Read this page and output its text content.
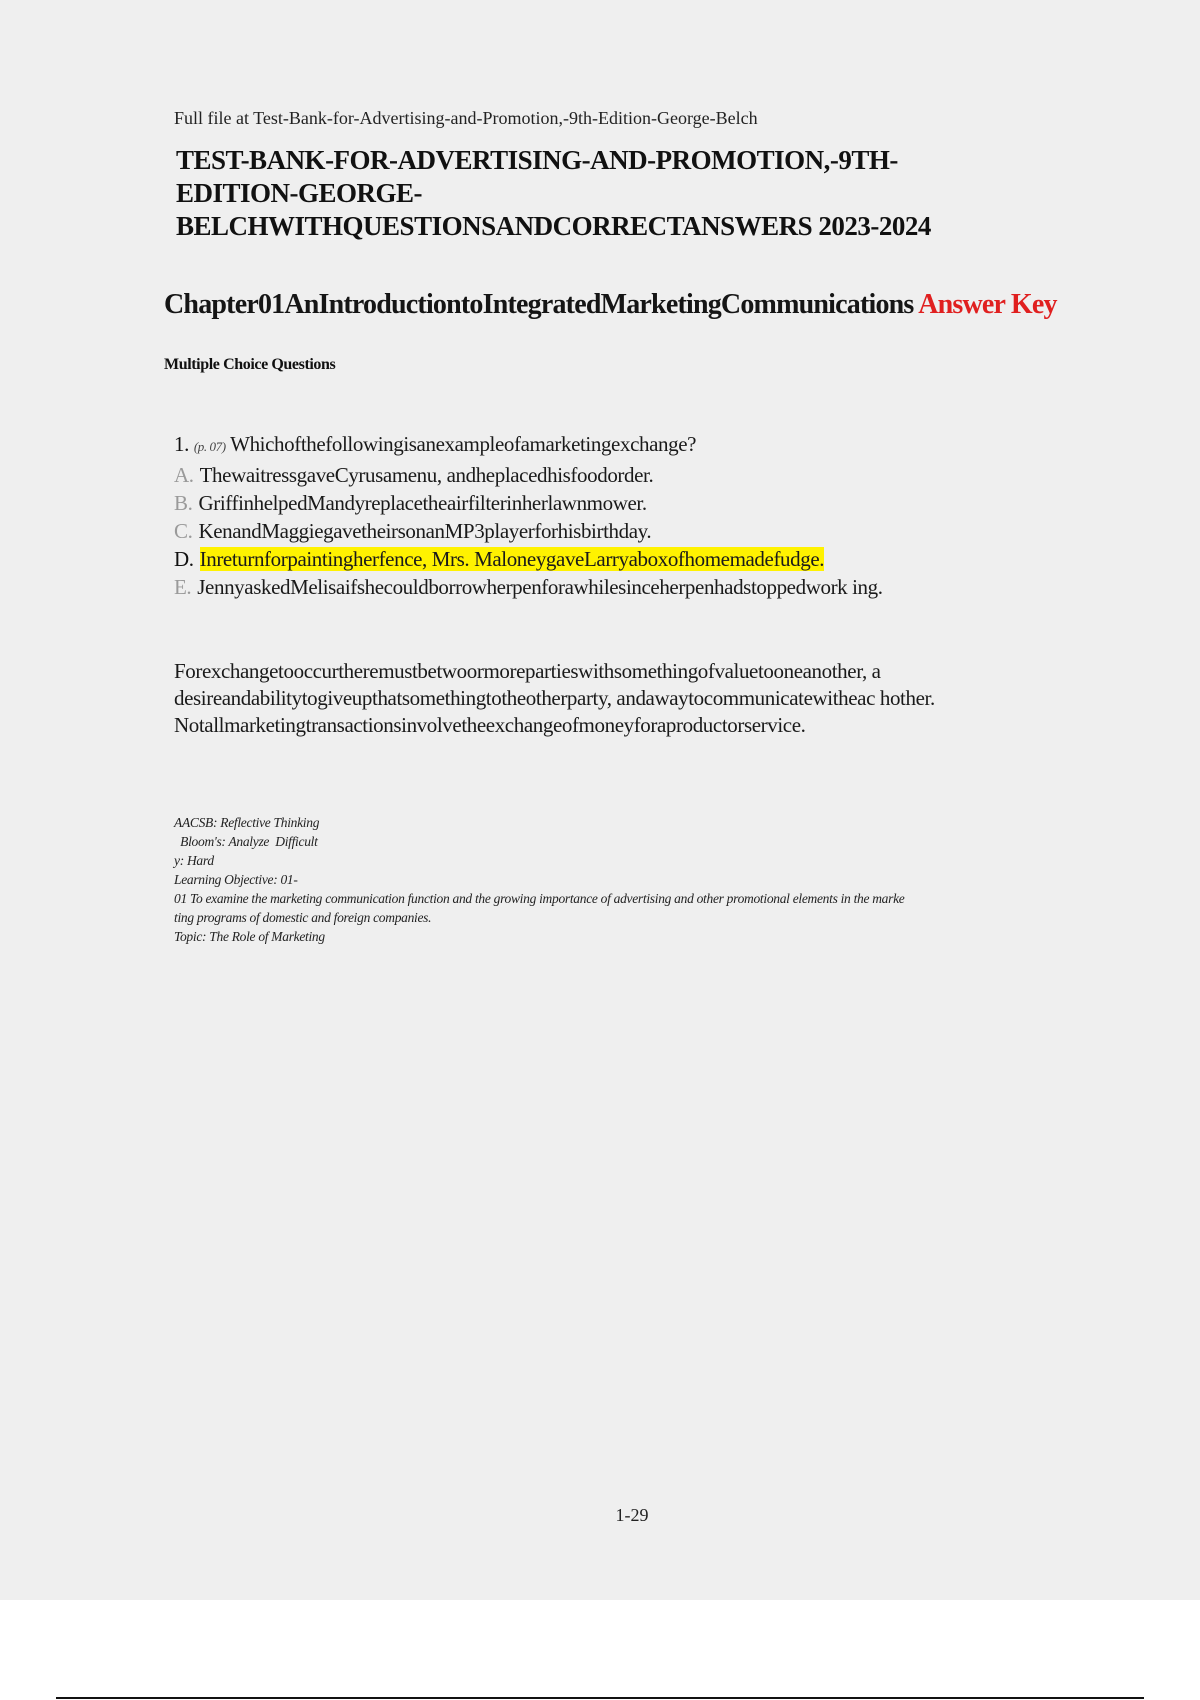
Full file at Test-Bank-for-Advertising-and-Promotion,-9th-Edition-George-Belch
TEST-BANK-FOR-ADVERTISING-AND-PROMOTION,-9TH-
EDITION-GEORGE-
BELCHWITHQUESTIONSANDCORRECTANSWERS 2023-2024
Chapter01AnIntroductiontoIntegratedMarketingCommunications Answer Key
Multiple Choice Questions
1. (p. 07) Whichofthefollowingisanexampleofamarketingexchange?
A. ThewaitressgaveCyrusamenu, andheplacedhisfoodorder.
B. GriffinhelpedMandyreplacetheairfilterinherlawnmower.
C. KenandMaggiegavetheirsonanMP3playerforhisbirthday.
D. Inreturnforpaintingherfence, Mrs. MaloneygaveLarryaboxofhomemadefudge.
E. JennyaskedMelisaifshecouldborrowherpenforawhilesinceherpenhadstoppedwork ing.
Forexchangetooccurtheremustbetwoormorepartieswithsomethingofvaluetooneanother, a desireandabilitytogiveupthatsomethingtotheotherparty, andawaytocommunicatewitheac hother. Notallmarketingtransactionsinvolvetheexchangeofmoneyforaproductorservice.
AACSB: Reflective Thinking
Bloom's: Analyze  Difficult
y: Hard
Learning Objective: 01-
01 To examine the marketing communication function and the growing importance of advertising and other promotional elements in the marke
ting programs of domestic and foreign companies.
Topic: The Role of Marketing
1-29
